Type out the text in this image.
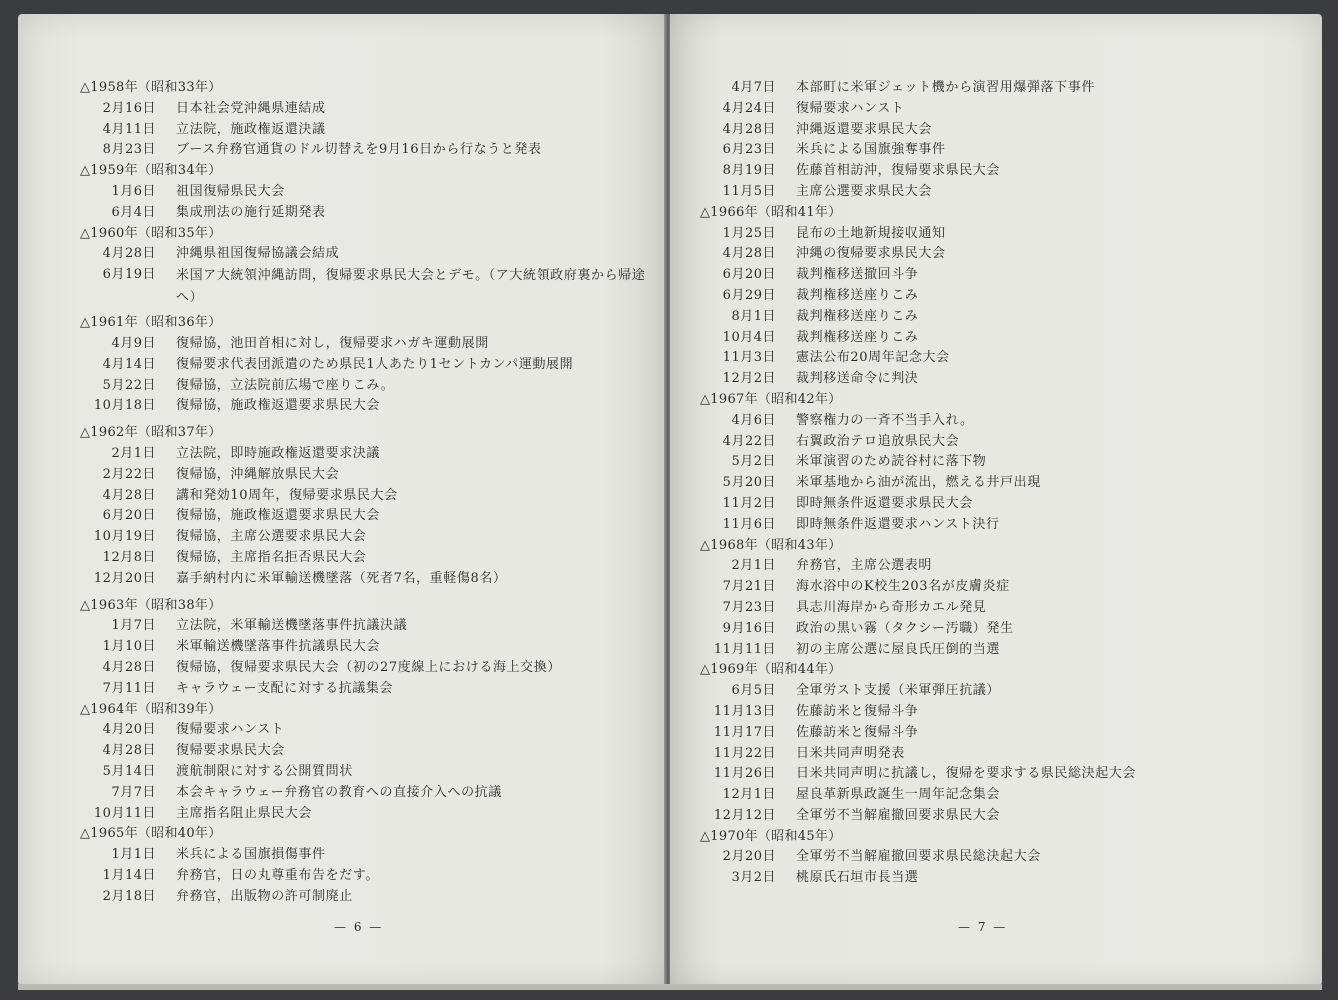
△1958年（昭和33年）
2月16日	日本社会党沖縄県連結成
4月11日	立法院，施政権返還決議
8月23日	ブース弁務官通貨のドル切替えを9月16日から行なうと発表
△1959年（昭和34年）
1月6日	祖国復帰県民大会
6月4日	集成刑法の施行延期発表
△1960年（昭和35年）
4月28日	沖縄県祖国復帰協議会結成
6月19日	米国ア大統領沖縄訪問，復帰要求県民大会とデモ。（ア大統領政府裏から帰途へ）
△1961年（昭和36年）
4月9日	復帰協，池田首相に対し，復帰要求ハガキ運動展開
4月14日	復帰要求代表団派遣のため県民1人あたり1セントカンパ運動展開
5月22日	復帰協，立法院前広場で座りこみ。
10月18日	復帰協，施政権返還要求県民大会
△1962年（昭和37年）
2月1日	立法院，即時施政権返還要求決議
2月22日	復帰協，沖縄解放県民大会
4月28日	講和発効10周年，復帰要求県民大会
6月20日	復帰協，施政権返還要求県民大会
10月19日	復帰協，主席公選要求県民大会
12月8日	復帰協，主席指名拒否県民大会
12月20日	嘉手納村内に米軍輸送機墜落（死者7名，重軽傷8名）
△1963年（昭和38年）
1月7日	立法院，米軍輸送機墜落事件抗議決議
1月10日	米軍輸送機墜落事件抗議県民大会
4月28日	復帰協，復帰要求県民大会（初の27度線上における海上交換）
7月11日	キャラウェー支配に対する抗議集会
△1964年（昭和39年）
4月20日	復帰要求ハンスト
4月28日	復帰要求県民大会
5月14日	渡航制限に対する公開質問状
7月7日	本会キャラウェー弁務官の教育への直接介入への抗議
10月11日	主席指名阻止県民大会
△1965年（昭和40年）
1月1日	米兵による国旗損傷事件
1月14日	弁務官，日の丸尊重布告をだす。
2月18日	弁務官，出版物の許可制廃止
— 6 —
4月7日	本部町に米軍ジェット機から演習用爆弾落下事件
4月24日	復帰要求ハンスト
4月28日	沖縄返還要求県民大会
6月23日	米兵による国旗強奪事件
8月19日	佐藤首相訪沖，復帰要求県民大会
11月5日	主席公選要求県民大会
△1966年（昭和41年）
1月25日	昆布の土地新規接収通知
4月28日	沖縄の復帰要求県民大会
6月20日	裁判権移送撤回斗争
6月29日	裁判権移送座りこみ
8月1日	裁判権移送座りこみ
10月4日	裁判権移送座りこみ
11月3日	憲法公布20周年記念大会
12月2日	裁判移送命令に判決
△1967年（昭和42年）
4月6日	警察権力の一斉不当手入れ。
4月22日	右翼政治テロ追放県民大会
5月2日	米軍演習のため読谷村に落下物
5月20日	米軍基地から油が流出，燃える井戸出現
11月2日	即時無条件返還要求県民大会
11月6日	即時無条件返還要求ハンスト決行
△1968年（昭和43年）
2月1日	弁務官，主席公選表明
7月21日	海水浴中のK校生203名が皮膚炎症
7月23日	具志川海岸から奇形カエル発見
9月16日	政治の黒い霧（タクシー汚職）発生
11月11日	初の主席公選に屋良氏圧倒的当選
△1969年（昭和44年）
6月5日	全軍労スト支援（米軍弾圧抗議）
11月13日	佐藤訪米と復帰斗争
11月17日	佐藤訪米と復帰斗争
11月22日	日米共同声明発表
11月26日	日米共同声明に抗議し，復帰を要求する県民総決起大会
12月1日	屋良革新県政誕生一周年記念集会
12月12日	全軍労不当解雇撤回要求県民大会
△1970年（昭和45年）
2月20日	全軍労不当解雇撤回要求県民総決起大会
3月2日	桃原氏石垣市長当選
— 7 —
